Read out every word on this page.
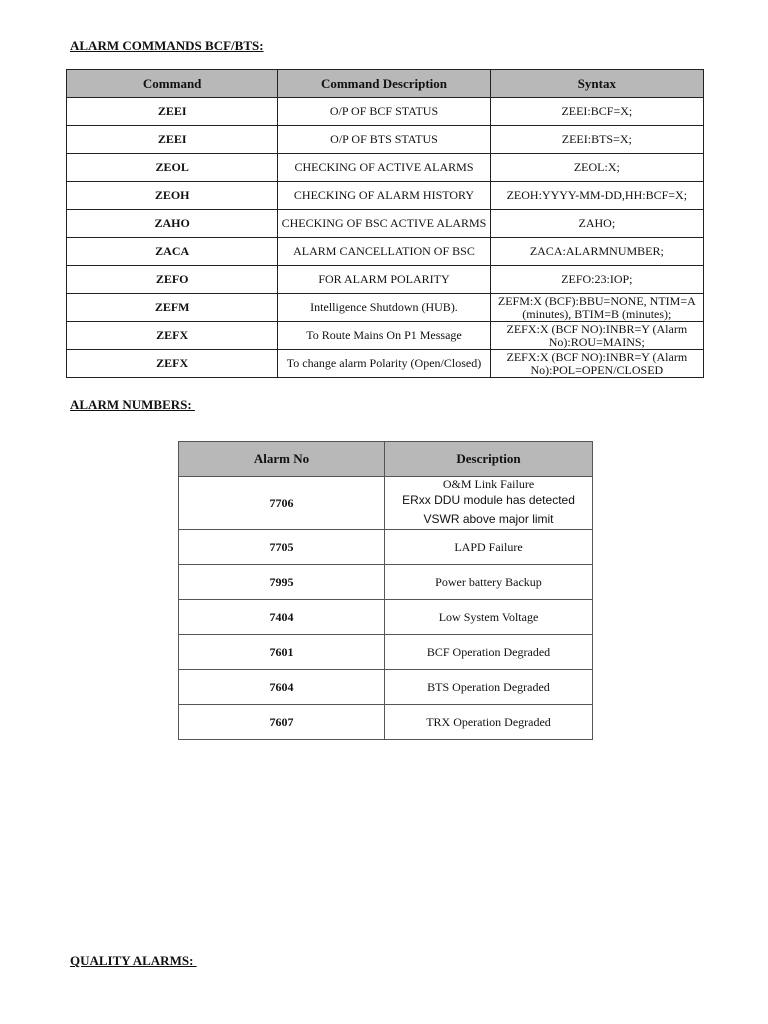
ALARM COMMANDS BCF/BTS:
Command	Command Description	Syntax
ZEEI	O/P OF BCF STATUS	ZEEI:BCF=X;
ZEEI	O/P OF BTS STATUS	ZEEI:BTS=X;
ZEOL	CHECKING OF ACTIVE ALARMS	ZEOL:X;
ZEOH	CHECKING OF ALARM HISTORY	ZEOH:YYYY-MM-DD,HH:BCF=X;
ZAHO	CHECKING OF BSC ACTIVE ALARMS	ZAHO;
ZACA	ALARM CANCELLATION OF BSC	ZACA:ALARMNUMBER;
ZEFO	FOR ALARM POLARITY	ZEFO:23:IOP;
ZEFM	Intelligence Shutdown (HUB).	ZEFM:X (BCF):BBU=NONE, NTIM=A (minutes), BTIM=B (minutes);
ZEFX	To Route Mains On P1 Message	ZEFX:X (BCF NO):INBR=Y (Alarm No):ROU=MAINS;
ZEFX	To change alarm Polarity (Open/Closed)	ZEFX:X (BCF NO):INBR=Y (Alarm No):POL=OPEN/CLOSED
ALARM NUMBERS:
Alarm No	Description
7706	O&M Link Failure
ERxx DDU module has detected
VSWR above major limit

7705	LAPD Failure
7995	Power battery Backup
7404	Low System Voltage
7601	BCF Operation Degraded
7604	BTS Operation Degraded
7607	TRX Operation Degraded
QUALITY ALARMS:
